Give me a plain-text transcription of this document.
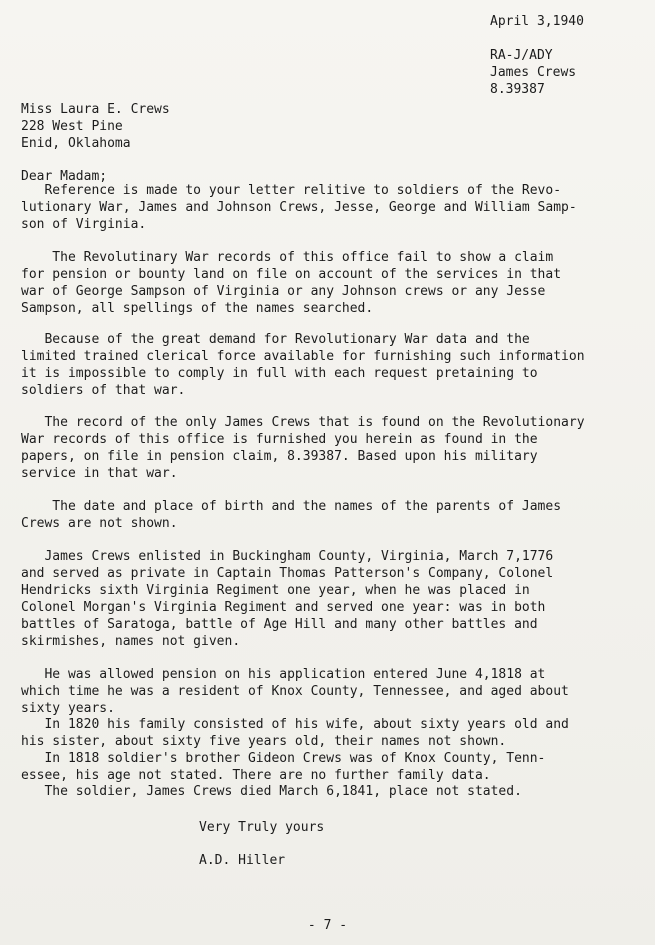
April 3,1940
RA-J/ADY
James Crews
8.39387
Miss Laura E. Crews
228 West Pine
Enid, Oklahoma
Dear Madam;
Reference is made to your letter relitive to soldiers of the Revo-
lutionary War, James and Johnson Crews, Jesse, George and William Samp-
son of Virginia.
The Revolutinary War records of this office fail to show a claim
for pension or bounty land on file on account of the services in that
war of George Sampson of Virginia or any Johnson crews or any Jesse
Sampson, all spellings of the names searched.
Because of the great demand for Revolutionary War data and the
limited trained clerical force available for furnishing such information
it is impossible to comply in full with each request pretaining to
soldiers of that war.
The record of the only James Crews that is found on the Revolutionary
War records of this office is furnished you herein as found in the
papers, on file in pension claim, 8.39387. Based upon his military
service in that war.
The date and place of birth and the names of the parents of James
Crews are not shown.
James Crews enlisted in Buckingham County, Virginia, March 7,1776
and served as private in Captain Thomas Patterson's Company, Colonel
Hendricks sixth Virginia Regiment one year, when he was placed in
Colonel Morgan's Virginia Regiment and served one year: was in both
battles of Saratoga, battle of Age Hill and many other battles and
skirmishes, names not given.
He was allowed pension on his application entered June 4,1818 at
which time he was a resident of Knox County, Tennessee, and aged about
sixty years.
In 1820 his family consisted of his wife, about sixty years old and
his sister, about sixty five years old, their names not shown.
In 1818 soldier's brother Gideon Crews was of Knox County, Tenn-
essee, his age not stated. There are no further family data.
The soldier, James Crews died March 6,1841, place not stated.
Very Truly yours
A.D. Hiller
- 7 -
